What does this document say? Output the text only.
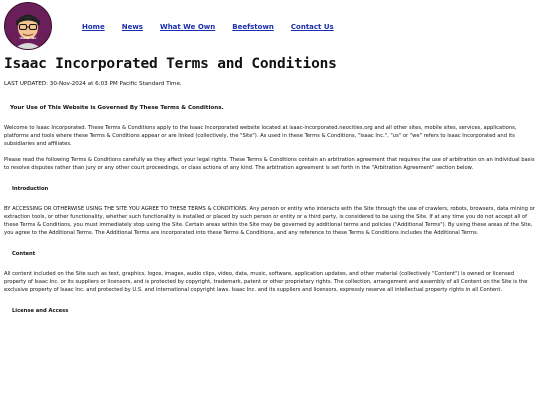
ISAAC INC
Home News What We Own Beefstown Contact Us
Isaac Incorporated Terms and Conditions
LAST UPDATED: 30-Nov-2024 at 6:03 PM Pacific Standard Time.
Your Use of This Website is Governed By These Terms & Conditions.
Welcome to Isaac Incorporated. These Terms & Conditions apply to the Isaac Incorporated website located at isaac-incorporated.neocities.org and all other sites, mobile sites, services, applications, platforms and tools where these Terms & Conditions appear or are linked (collectively, the "Site"). As used in these Terms & Conditions, "Isaac Inc.", "us" or "we" refers to Isaac Incorporated and its subsidiaries and affiliates.
Please read the following Terms & Conditions carefully as they affect your legal rights. These Terms & Conditions contain an arbitration agreement that requires the use of arbitration on an individual basis to resolve disputes rather than jury or any other court proceedings, or class actions of any kind. The arbitration agreement is set forth in the "Arbitration Agreement" section below.
Introduction
BY ACCESSING OR OTHERWISE USING THE SITE YOU AGREE TO THESE TERMS & CONDITIONS. Any person or entity who interacts with the Site through the use of crawlers, robots, browsers, data mining or extraction tools, or other functionality, whether such functionality is installed or placed by such person or entity or a third party, is considered to be using the Site. If at any time you do not accept all of these Terms & Conditions, you must immediately stop using the Site. Certain areas within the Site may be governed by additional terms and policies ("Additional Terms"). By using these areas of the Site, you agree to the Additional Terms. The Additional Terms are incorporated into these Terms & Conditions, and any reference to these Terms & Conditions includes the Additional Terms.
Content
All content included on the Site such as text, graphics, logos, images, audio clips, video, data, music, software, application updates, and other material (collectively "Content") is owned or licensed property of Isaac Inc. or its suppliers or licensors, and is protected by copyright, trademark, patent or other proprietary rights. The collection, arrangement and assembly of all Content on the Site is the exclusive property of Isaac Inc. and protected by U.S. and international copyright laws. Isaac Inc. and its suppliers and licensors, expressly reserve all intellectual property rights in all Content.
License and Access
